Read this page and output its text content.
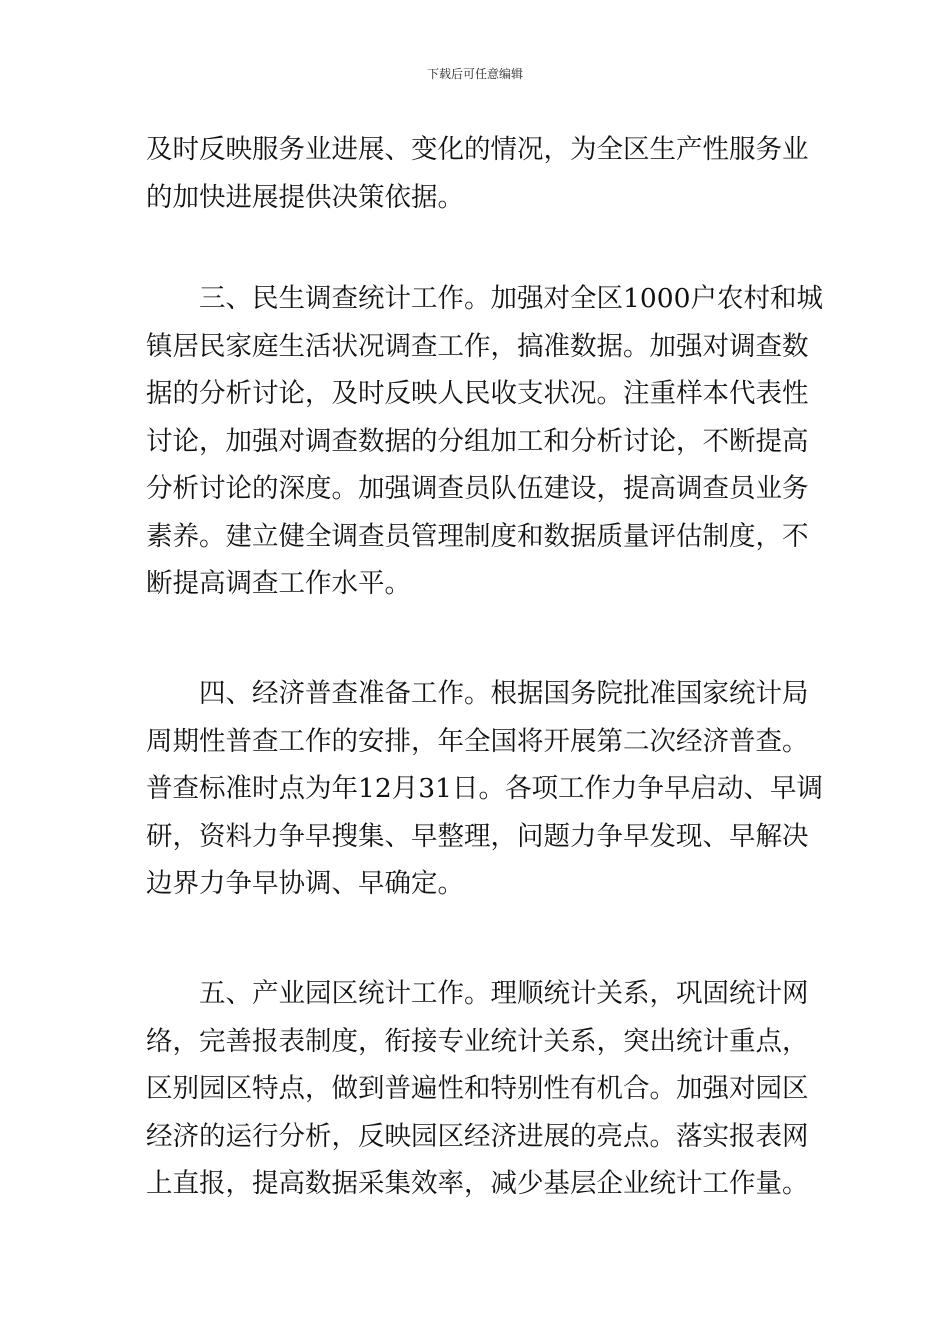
下载后可任意编辑
及时反映服务业进展、变化的情况，为全区生产性服务业
的加快进展提供决策依据。
三、民生调查统计工作。加强对全区1000户农村和城
镇居民家庭生活状况调查工作，搞准数据。加强对调查数
据的分析讨论，及时反映人民收支状况。注重样本代表性
讨论，加强对调查数据的分组加工和分析讨论，不断提高
分析讨论的深度。加强调查员队伍建设，提高调查员业务
素养。建立健全调查员管理制度和数据质量评估制度，不
断提高调查工作水平。
四、经济普查准备工作。根据国务院批准国家统计局
周期性普查工作的安排，年全国将开展第二次经济普查。
普查标准时点为年12月31日。各项工作力争早启动、早调
研，资料力争早搜集、早整理，问题力争早发现、早解决
边界力争早协调、早确定。
五、产业园区统计工作。理顺统计关系，巩固统计网
络，完善报表制度，衔接专业统计关系，突出统计重点，
区别园区特点，做到普遍性和特别性有机合。加强对园区
经济的运行分析，反映园区经济进展的亮点。落实报表网
上直报，提高数据采集效率，减少基层企业统计工作量。
